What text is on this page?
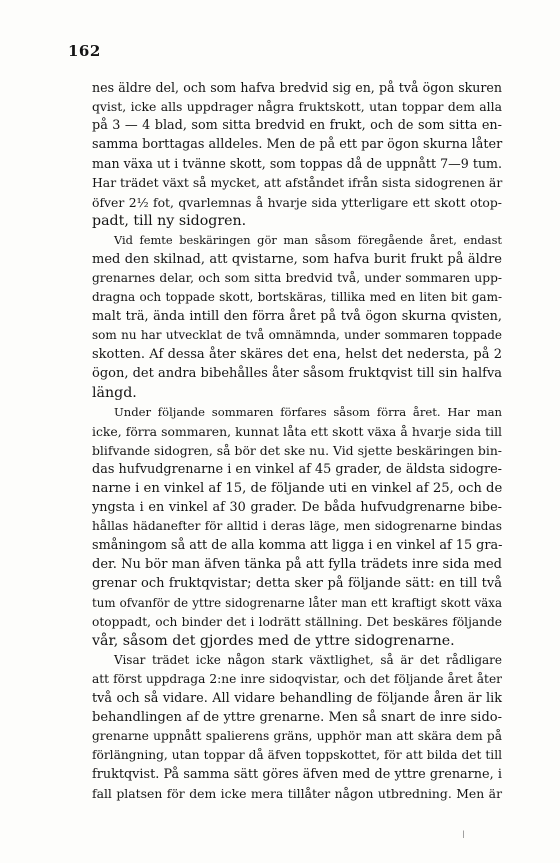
162
nes äldre del, och som hafva bredvid sig en, på två ögon skuren
qvist, icke alls uppdrager några fruktskott, utan toppar dem alla
på 3 — 4 blad, som sitta bredvid en frukt, och de som sitta en-
samma borttagas alldeles. Men de på ett par ögon skurna låter
man växa ut i tvänne skott, som toppas då de uppnått 7—9 tum.
Har trädet växt så mycket, att afståndet ifrån sista sidogrenen är
öfver 2½ fot, qvarlemnas å hvarje sida ytterligare ett skott otop-
padt, till ny sidogren.
Vid femte beskäringen gör man såsom föregående året, endast
med den skilnad, att qvistarne, som hafva burit frukt på äldre
grenarnes delar, och som sitta bredvid två, under sommaren upp-
dragna och toppade skott, bortskäras, tillika med en liten bit gam-
malt trä, ända intill den förra året på två ögon skurna qvisten,
som nu har utvecklat de två omnämnda, under sommaren toppade
skotten. Af dessa åter skäres det ena, helst det nedersta, på 2
ögon, det andra bibehålles åter såsom fruktqvist till sin halfva
längd.
Under följande sommaren förfares såsom förra året. Har man
icke, förra sommaren, kunnat låta ett skott växa å hvarje sida till
blifvande sidogren, så bör det ske nu. Vid sjette beskäringen bin-
das hufvudgrenarne i en vinkel af 45 grader, de äldsta sidogre-
narne i en vinkel af 15, de följande uti en vinkel af 25, och de
yngsta i en vinkel af 30 grader. De båda hufvudgrenarne bibe-
hållas hädanefter för alltid i deras läge, men sidogrenarne bindas
småningom så att de alla komma att ligga i en vinkel af 15 gra-
der. Nu bör man äfven tänka på att fylla trädets inre sida med
grenar och fruktqvistar; detta sker på följande sätt: en till två
tum ofvanför de yttre sidogrenarne låter man ett kraftigt skott växa
otoppadt, och binder det i lodrätt ställning. Det beskäres följande
vår, såsom det gjordes med de yttre sidogrenarne.
Visar trädet icke någon stark växtlighet, så är det rådligare
att först uppdraga 2:ne inre sidoqvistar, och det följande året åter
två och så vidare. All vidare behandling de följande åren är lik
behandlingen af de yttre grenarne. Men så snart de inre sido-
grenarne uppnått spalierens gräns, upphör man att skära dem på
förlängning, utan toppar då äfven toppskottet, för att bilda det till
fruktqvist. På samma sätt göres äfven med de yttre grenarne, i
fall platsen för dem icke mera tillåter någon utbredning. Men är
ǀ
